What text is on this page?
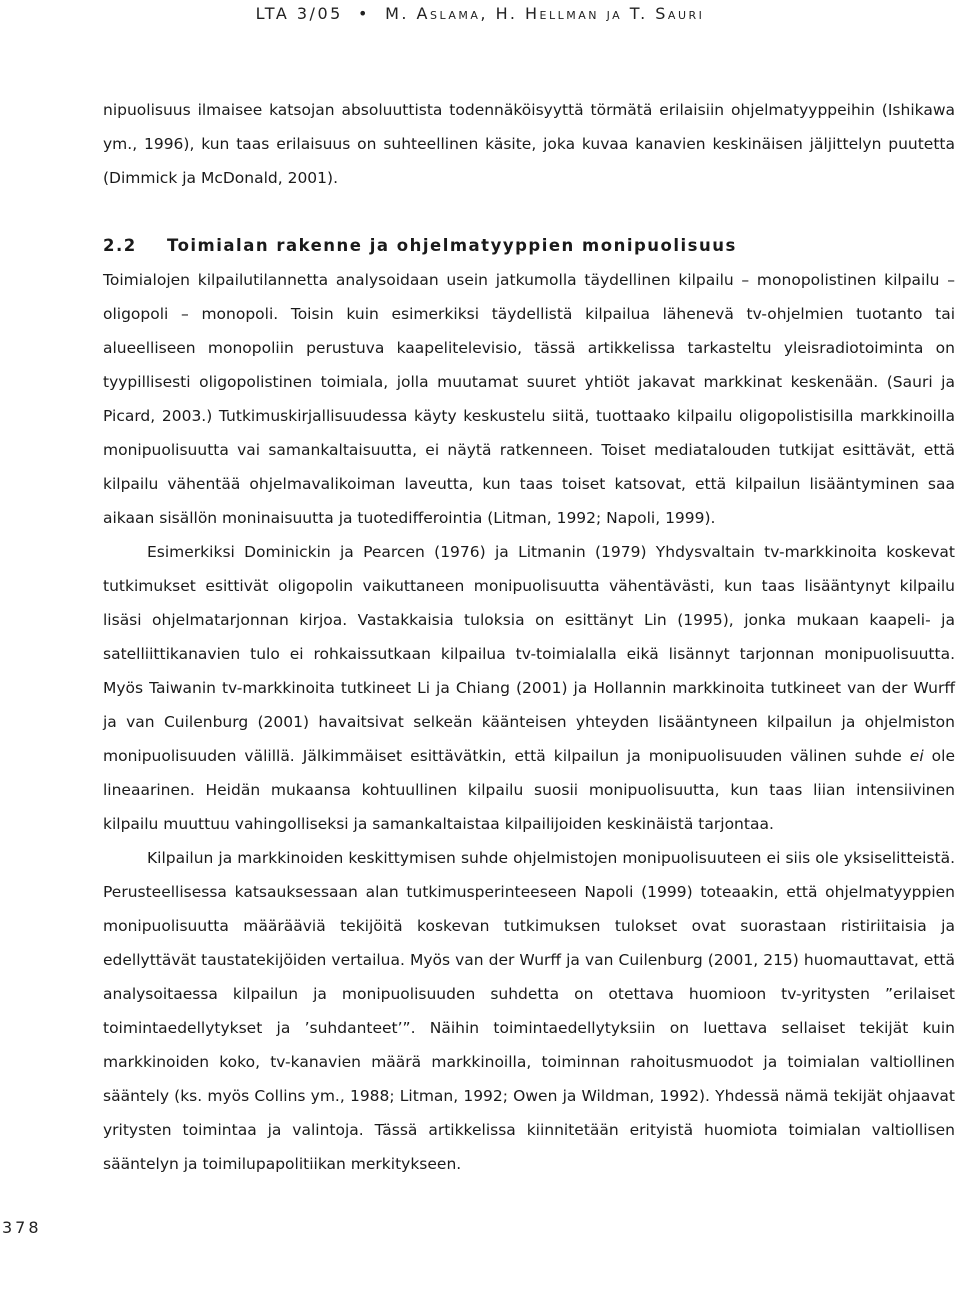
LTA 3/05 • M. Aslama, H. Hellman ja T. Sauri

nipuolisuus ilmaisee katsojan absoluuttista todennäköisyyttä törmätä erilaisiin ohjelmatyyppeihin (Ishikawa ym., 1996), kun taas erilaisuus on suhteellinen käsite, joka kuvaa kanavien keskinäisen jäljittelyn puutetta (Dimmick ja McDonald, 2001).

2.2 Toimialan rakenne ja ohjelmatyyppien monipuolisuus

Toimialojen kilpailutilannetta analysoidaan usein jatkumolla täydellinen kilpailu – monopolistinen kilpailu – oligopoli – monopoli. Toisin kuin esimerkiksi täydellistä kilpailua lähenevä tv-ohjelmien tuotanto tai alueelliseen monopoliin perustuva kaapelitelevisio, tässä artikkelissa tarkasteltu yleisradiotoiminta on tyypillisesti oligopolistinen toimiala, jolla muutamat suuret yhtiöt jakavat markkinat keskenään. (Sauri ja Picard, 2003.) Tutkimuskirjallisuudessa käyty keskustelu siitä, tuottaako kilpailu oligopolistisilla markkinoilla monipuolisuutta vai samankaltaisuutta, ei näytä ratkenneen. Toiset mediatalouden tutkijat esittävät, että kilpailu vähentää ohjelmavalikoiman laveutta, kun taas toiset katsovat, että kilpailun lisääntyminen saa aikaan sisällön moninaisuutta ja tuotedifferointia (Litman, 1992; Napoli, 1999).

Esimerkiksi Dominickin ja Pearcen (1976) ja Litmanin (1979) Yhdysvaltain tv-markkinoita koskevat tutkimukset esittivät oligopolin vaikuttaneen monipuolisuutta vähentävästi, kun taas lisääntynyt kilpailu lisäsi ohjelmatarjonnan kirjoa. Vastakkaisia tuloksia on esittänyt Lin (1995), jonka mukaan kaapeli- ja satelliittikanavien tulo ei rohkaissutkaan kilpailua tv-toimialalla eikä lisännyt tarjonnan monipuolisuutta. Myös Taiwanin tv-markkinoita tutkineet Li ja Chiang (2001) ja Hollannin markkinoita tutkineet van der Wurff ja van Cuilenburg (2001) havaitsivat selkeän käänteisen yhteyden lisääntyneen kilpailun ja ohjelmiston monipuolisuuden välillä. Jälkimmäiset esittävätkin, että kilpailun ja monipuolisuuden välinen suhde ei ole lineaarinen. Heidän mukaansa kohtuullinen kilpailu suosii monipuolisuutta, kun taas liian intensiivinen kilpailu muuttuu vahingolliseksi ja samankaltaistaa kilpailijoiden keskinäistä tarjontaa.

Kilpailun ja markkinoiden keskittymisen suhde ohjelmistojen monipuolisuuteen ei siis ole yksiselitteistä. Perusteellisessa katsauksessaan alan tutkimusperinteeseen Napoli (1999) toteaakin, että ohjelmatyyppien monipuolisuutta määrääviä tekijöitä koskevan tutkimuksen tulokset ovat suorastaan ristiriitaisia ja edellyttävät taustatekijöiden vertailua. Myös van der Wurff ja van Cuilenburg (2001, 215) huomauttavat, että analysoitaessa kilpailun ja monipuolisuuden suhdetta on otettava huomioon tv-yritysten ”erilaiset toimintaedellytykset ja ’suhdanteet’”. Näihin toimintaedellytyksiin on luettava sellaiset tekijät kuin markkinoiden koko, tv-kanavien määrä markkinoilla, toiminnan rahoitusmuodot ja toimialan valtiollinen sääntely (ks. myös Collins ym., 1988; Litman, 1992; Owen ja Wildman, 1992). Yhdessä nämä tekijät ohjaavat yritysten toimintaa ja valintoja. Tässä artikkelissa kiinnitetään erityistä huomiota toimialan valtiollisen sääntelyn ja toimilupapolitiikan merkitykseen.

378
